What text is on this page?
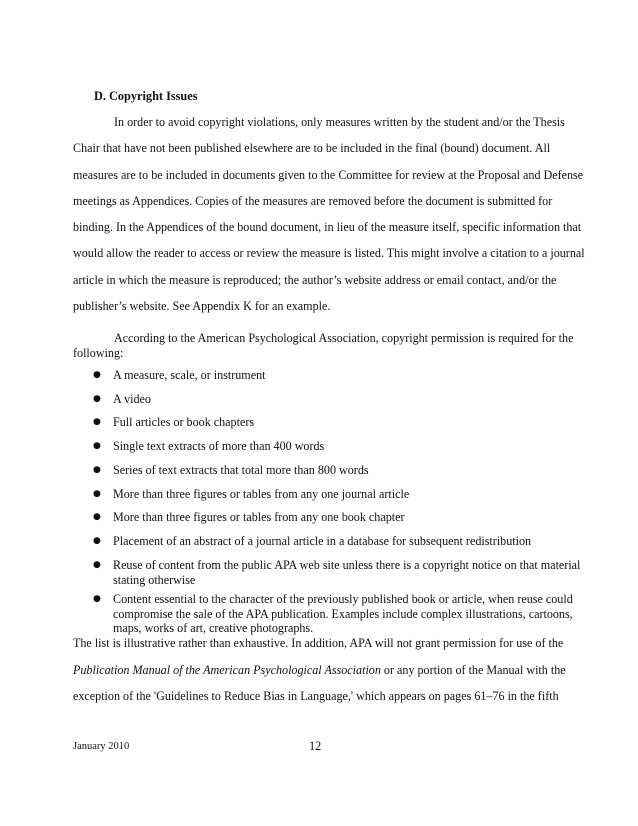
D. Copyright Issues
In order to avoid copyright violations, only measures written by the student and/or the Thesis
Chair that have not been published elsewhere are to be included in the final (bound) document. All
measures are to be included in documents given to the Committee for review at the Proposal and Defense
meetings as Appendices. Copies of the measures are removed before the document is submitted for
binding. In the Appendices of the bound document, in lieu of the measure itself, specific information that
would allow the reader to access or review the measure is listed. This might involve a citation to a journal
article in which the measure is reproduced; the author’s website address or email contact, and/or the
publisher’s website. See Appendix K for an example.
According to the American Psychological Association, copyright permission is required for the
following:
● A measure, scale, or instrument
● A video
● Full articles or book chapters
● Single text extracts of more than 400 words
● Series of text extracts that total more than 800 words
● More than three figures or tables from any one journal article
● More than three figures or tables from any one book chapter
● Placement of an abstract of a journal article in a database for subsequent redistribution
● Reuse of content from the public APA web site unless there is a copyright notice on that material
stating otherwise
● Content essential to the character of the previously published book or article, when reuse could
compromise the sale of the APA publication. Examples include complex illustrations, cartoons,
maps, works of art, creative photographs.
The list is illustrative rather than exhaustive. In addition, APA will not grant permission for use of the
Publication Manual of the American Psychological Association or any portion of the Manual with the
exception of the 'Guidelines to Reduce Bias in Language,' which appears on pages 61–76 in the fifth
January 2010	12
